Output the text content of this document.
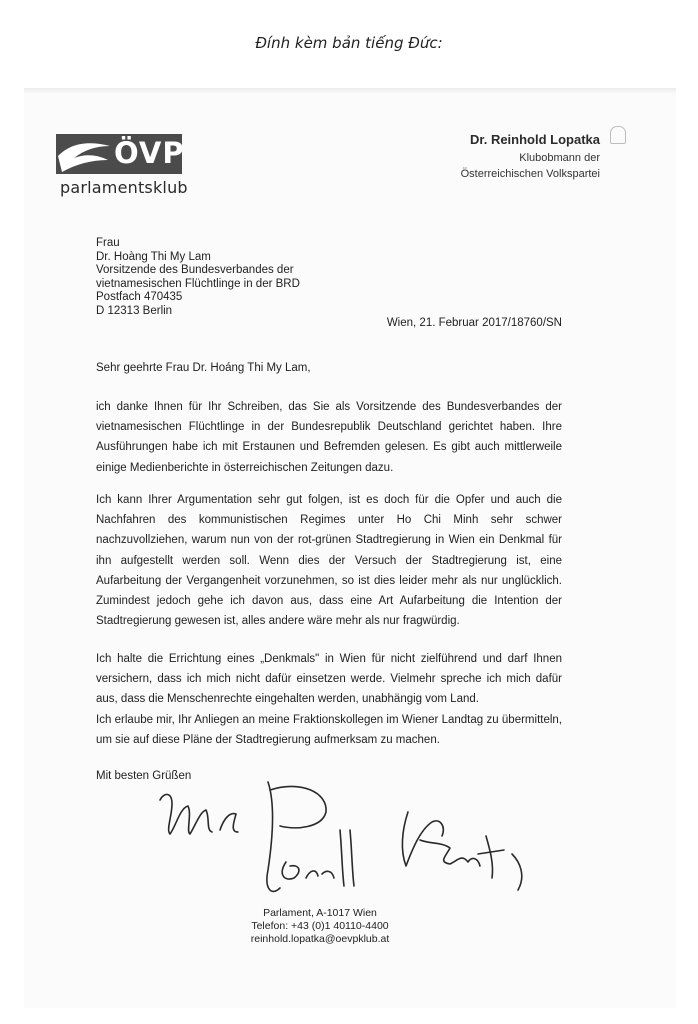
Đính kèm bản tiếng Đức:
ÖVP
parlamentsklub
Dr. Reinhold Lopatka
Klubobmann der
Österreichischen Volkspartei
Frau
Dr. Hoàng Thi My Lam
Vorsitzende des Bundesverbandes der
vietnamesischen Flüchtlinge in der BRD
Postfach 470435
D 12313 Berlin
Wien, 21. Februar 2017/18760/SN
Sehr geehrte Frau Dr. Hoáng Thi My Lam,
ich danke Ihnen für Ihr Schreiben, das Sie als Vorsitzende des Bundesverbandes der vietnamesischen Flüchtlinge in der Bundesrepublik Deutschland gerichtet haben. Ihre Ausführungen habe ich mit Erstaunen und Befremden gelesen. Es gibt auch mittlerweile einige Medienberichte in österreichischen Zeitungen dazu.
Ich kann Ihrer Argumentation sehr gut folgen, ist es doch für die Opfer und auch die Nachfahren des kommunistischen Regimes unter Ho Chi Minh sehr schwer nachzuvollziehen, warum nun von der rot-grünen Stadtregierung in Wien ein Denkmal für ihn aufgestellt werden soll. Wenn dies der Versuch der Stadtregierung ist, eine Aufarbeitung der Vergangenheit vorzunehmen, so ist dies leider mehr als nur unglücklich. Zumindest jedoch gehe ich davon aus, dass eine Art Aufarbeitung die Intention der Stadtregierung gewesen ist, alles andere wäre mehr als nur fragwürdig.
Ich halte die Errichtung eines „Denkmals" in Wien für nicht zielführend und darf Ihnen versichern, dass ich mich nicht dafür einsetzen werde. Vielmehr spreche ich mich dafür aus, dass die Menschenrechte eingehalten werden, unabhängig vom Land.
Ich erlaube mir, Ihr Anliegen an meine Fraktionskollegen im Wiener Landtag zu übermitteln, um sie auf diese Pläne der Stadtregierung aufmerksam zu machen.
Mit besten Grüßen
Parlament, A-1017 Wien
Telefon: +43 (0)1 40110-4400
reinhold.lopatka@oevpklub.at
